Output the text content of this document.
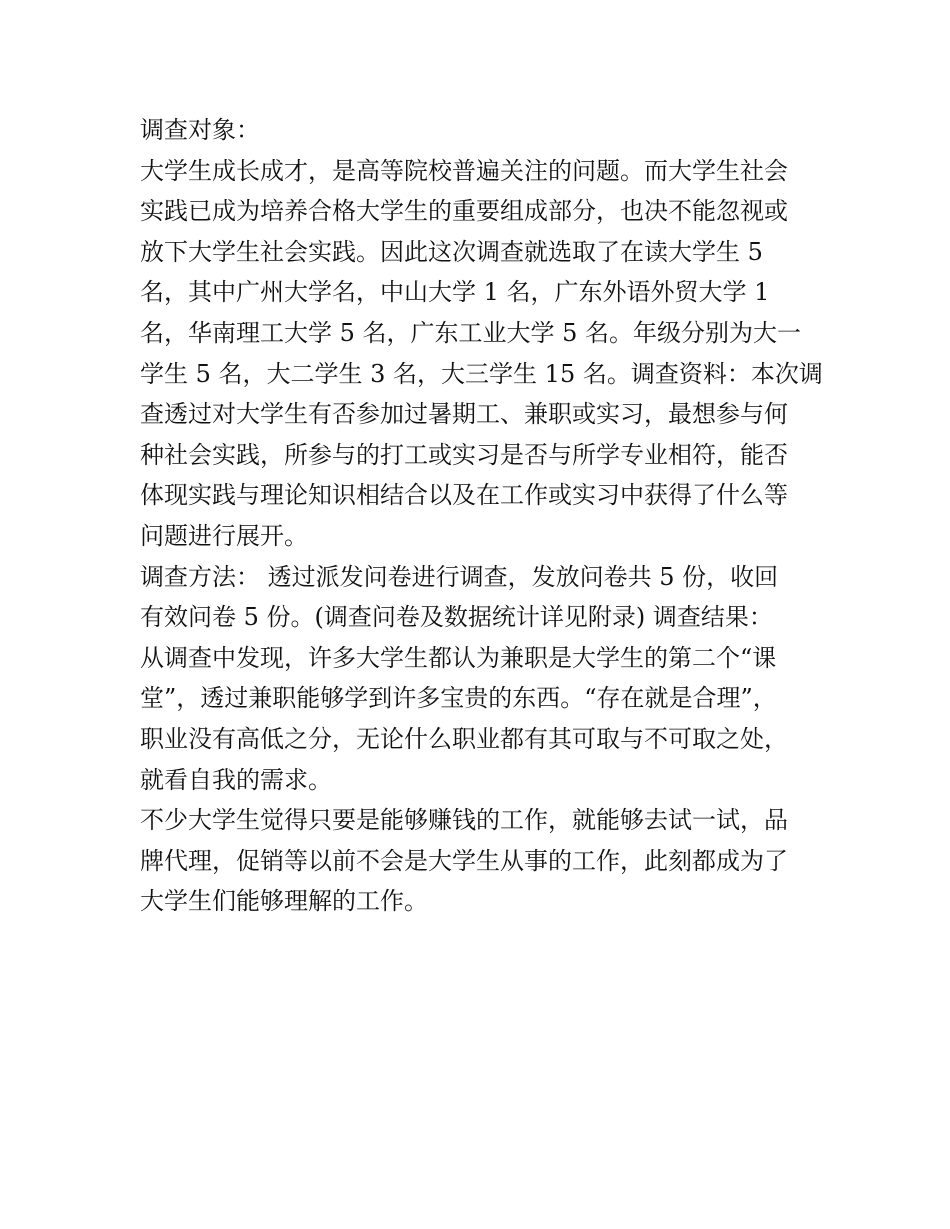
调查对象：

大学生成长成才，是高等院校普遍关注的问题。而大学生社会

实践已成为培养合格大学生的重要组成部分，也决不能忽视或

放下大学生社会实践。因此这次调查就选取了在读大学生 5

名，其中广州大学名，中山大学 1 名，广东外语外贸大学 1

名，华南理工大学 5 名，广东工业大学 5 名。年级分别为大一

学生 5 名，大二学生 3 名，大三学生 15 名。调查资料：本次调

查透过对大学生有否参加过暑期工、兼职或实习，最想参与何

种社会实践，所参与的打工或实习是否与所学专业相符，能否

体现实践与理论知识相结合以及在工作或实习中获得了什么等

问题进行展开。

调查方法： 透过派发问卷进行调查，发放问卷共 5 份，收回

有效问卷 5 份。(调查问卷及数据统计详见附录) 调查结果：

从调查中发现，许多大学生都认为兼职是大学生的第二个“课

堂”，透过兼职能够学到许多宝贵的东西。“存在就是合理”，

职业没有高低之分，无论什么职业都有其可取与不可取之处，

就看自我的需求。

不少大学生觉得只要是能够赚钱的工作，就能够去试一试，品

牌代理，促销等以前不会是大学生从事的工作，此刻都成为了

大学生们能够理解的工作。
